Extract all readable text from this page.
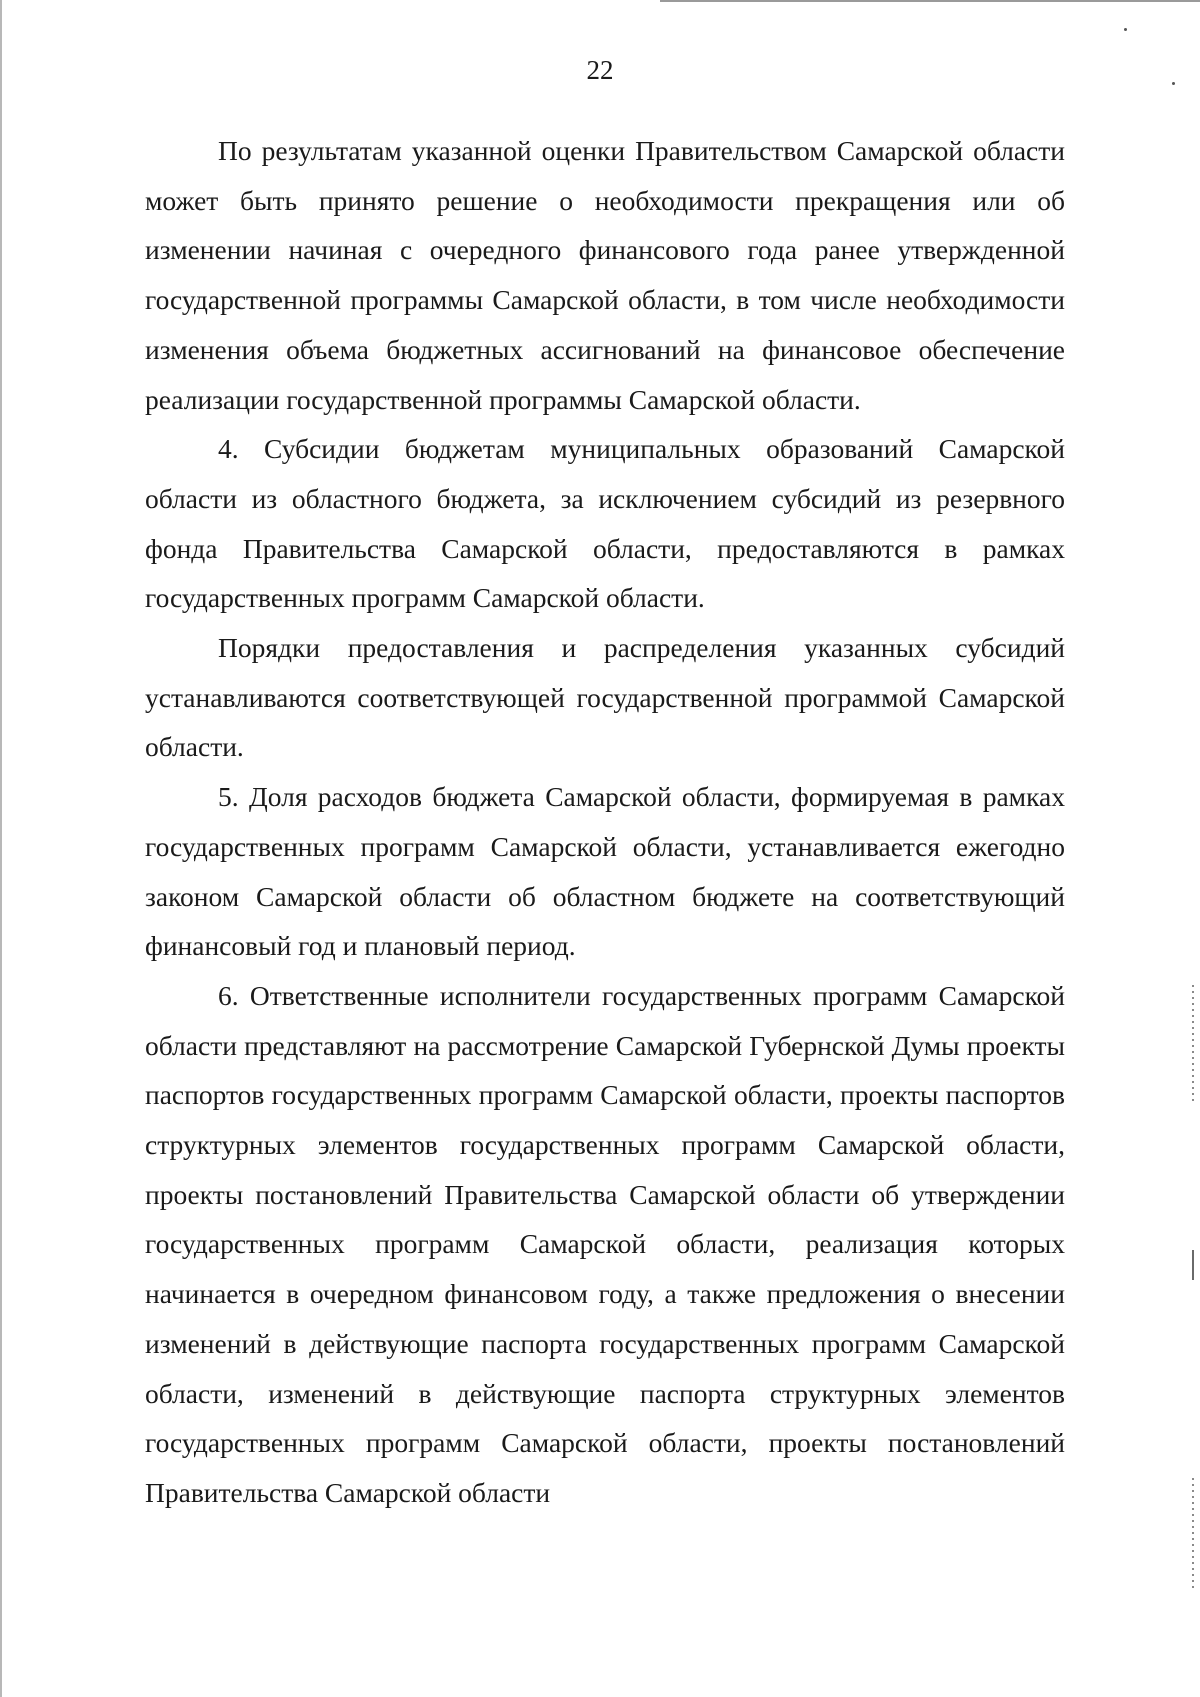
22

По результатам указанной оценки Правительством Самарской области может быть принято решение о необходимости прекращения или об изменении начиная с очередного финансового года ранее утвержденной государственной программы Самарской области, в том числе необходимости изменения объема бюджетных ассигнований на финансовое обеспечение реализации государственной программы Самарской области.

4. Субсидии бюджетам муниципальных образований Самарской области из областного бюджета, за исключением субсидий из резервного фонда Правительства Самарской области, предоставляются в рамках государственных программ Самарской области.

Порядки предоставления и распределения указанных субсидий устанавливаются соответствующей государственной программой Самарской области.

5. Доля расходов бюджета Самарской области, формируемая в рамках государственных программ Самарской области, устанавливается ежегодно законом Самарской области об областном бюджете на соответствующий финансовый год и плановый период.

6. Ответственные исполнители государственных программ Самарской области представляют на рассмотрение Самарской Губернской Думы проекты паспортов государственных программ Самарской области, проекты паспортов структурных элементов государственных программ Самарской области, проекты постановлений Правительства Самарской области об утверждении государственных программ Самарской области, реализация которых начинается в очередном финансовом году, а также предложения о внесении изменений в действующие паспорта государственных программ Самарской области, изменений в действующие паспорта структурных элементов государственных программ Самарской области, проекты постановлений Правительства Самарской области
